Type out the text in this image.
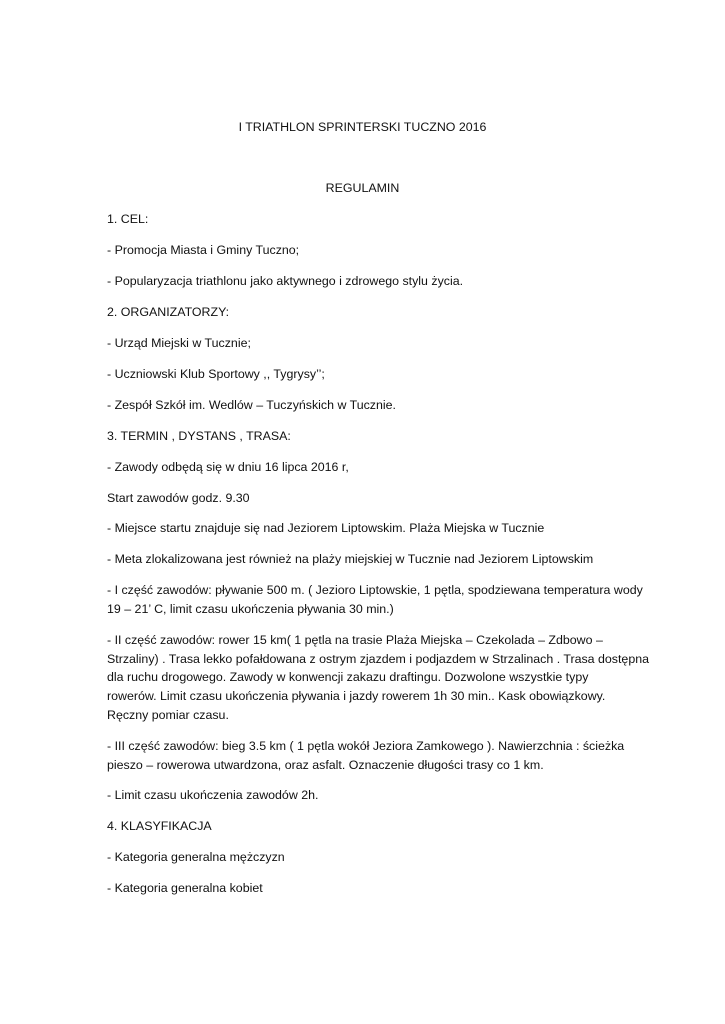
I TRIATHLON SPRINTERSKI TUCZNO 2016
REGULAMIN
1. CEL:
- Promocja Miasta i Gminy Tuczno;
- Popularyzacja triathlonu jako aktywnego i zdrowego stylu życia.
2. ORGANIZATORZY:
- Urząd Miejski w Tucznie;
- Uczniowski Klub Sportowy ,, Tygrysy’’;
- Zespół Szkół im. Wedlów – Tuczyńskich w Tucznie.
3. TERMIN , DYSTANS , TRASA:
- Zawody odbędą się w dniu 16 lipca 2016 r,
Start zawodów godz. 9.30
- Miejsce startu znajduje się nad Jeziorem Liptowskim. Plaża Miejska w Tucznie
- Meta zlokalizowana jest również na plaży miejskiej w Tucznie nad Jeziorem Liptowskim
- I część zawodów: pływanie 500 m. ( Jezioro Liptowskie, 1 pętla, spodziewana temperatura wody
19 – 21’ C, limit czasu ukończenia pływania 30 min.)
- II część zawodów: rower 15 km( 1 pętla na trasie Plaża Miejska – Czekolada – Zdbowo –
Strzaliny) . Trasa lekko pofałdowana z ostrym zjazdem i podjazdem w Strzalinach . Trasa dostępna
dla ruchu drogowego. Zawody w konwencji zakazu draftingu. Dozwolone wszystkie typy
rowerów. Limit czasu ukończenia pływania i jazdy rowerem 1h 30 min.. Kask obowiązkowy.
Ręczny pomiar czasu.
- III część zawodów: bieg 3.5 km ( 1 pętla wokół Jeziora Zamkowego ). Nawierzchnia : ścieżka
pieszo – rowerowa utwardzona, oraz asfalt. Oznaczenie długości trasy co 1 km.
- Limit czasu ukończenia zawodów 2h.
4. KLASYFIKACJA
- Kategoria generalna mężczyzn
- Kategoria generalna kobiet
